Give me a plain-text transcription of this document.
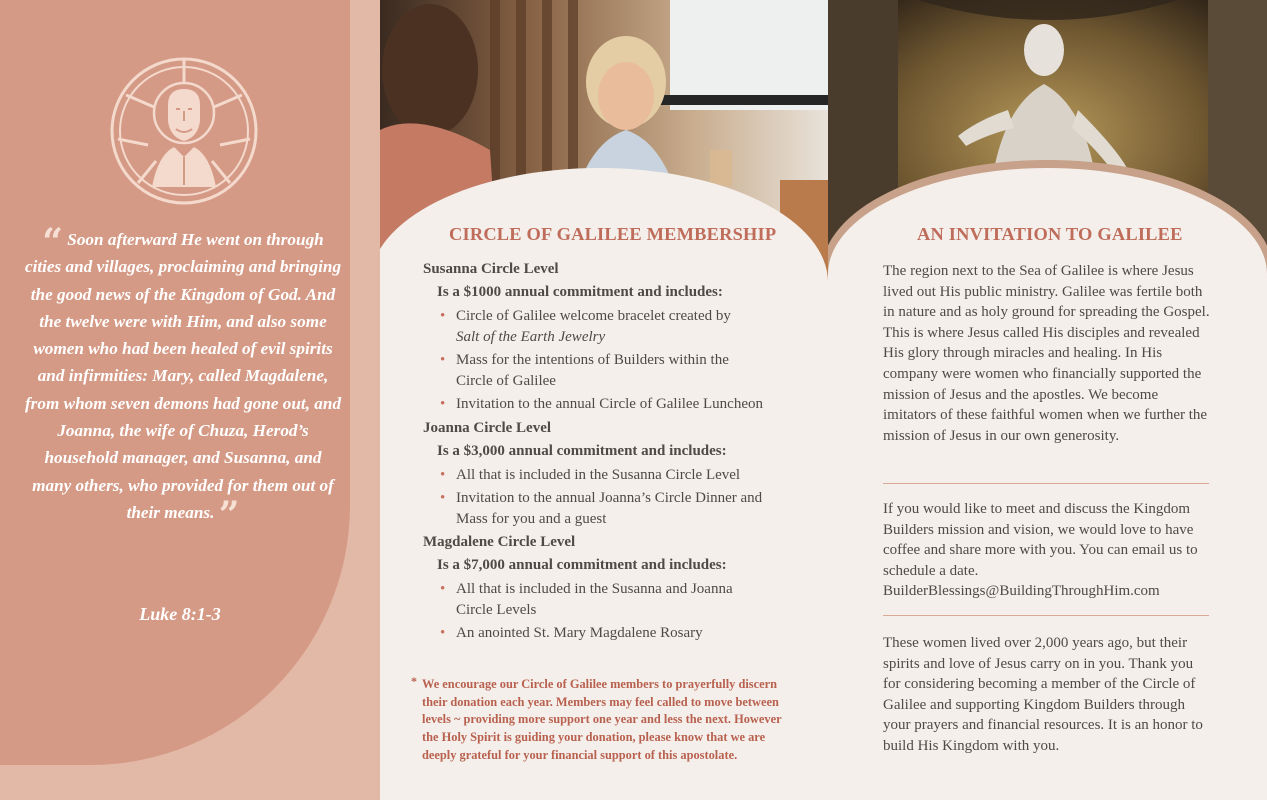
“ Soon afterward He went on through cities and villages, proclaiming and bringing the good news of the Kingdom of God. And the twelve were with Him, and also some women who had been healed of evil spirits and infirmities: Mary, called Magdalene, from whom seven demons had gone out, and Joanna, the wife of Chuza, Herod’s household manager, and Susanna, and many others, who provided for them out of their means. ”
Luke 8:1-3
CIRCLE OF GALILEE MEMBERSHIP
Susanna Circle Level
Is a $1000 annual commitment and includes:
• Circle of Galilee welcome bracelet created by
Salt of the Earth Jewelry
• Mass for the intentions of Builders within the Circle of Galilee
• Invitation to the annual Circle of Galilee Luncheon
Joanna Circle Level
Is a $3,000 annual commitment and includes:
• All that is included in the Susanna Circle Level
• Invitation to the annual Joanna’s Circle Dinner and Mass for you and a guest
Magdalene Circle Level
Is a $7,000 annual commitment and includes:
• All that is included in the Susanna and Joanna Circle Levels
• An anointed St. Mary Magdalene Rosary
* We encourage our Circle of Galilee members to prayerfully discern their donation each year. Members may feel called to move between levels ~ providing more support one year and less the next. However the Holy Spirit is guiding your donation, please know that we are deeply grateful for your financial support of this apostolate.
AN INVITATION TO GALILEE

The region next to the Sea of Galilee is where Jesus lived out His public ministry. Galilee was fertile both in nature and as holy ground for spreading the Gospel. This is where Jesus called His disciples and revealed His glory through miracles and healing. In His company were women who financially supported the mission of Jesus and the apostles. We become imitators of these faithful women when we further the mission of Jesus in our own generosity.

If you would like to meet and discuss the Kingdom Builders mission and vision, we would love to have coffee and share more with you. You can email us to schedule a date.
BuilderBlessings@BuildingThroughHim.com

These women lived over 2,000 years ago, but their spirits and love of Jesus carry on in you. Thank you for considering becoming a member of the Circle of Galilee and supporting Kingdom Builders through your prayers and financial resources. It is an honor to build His Kingdom with you.
